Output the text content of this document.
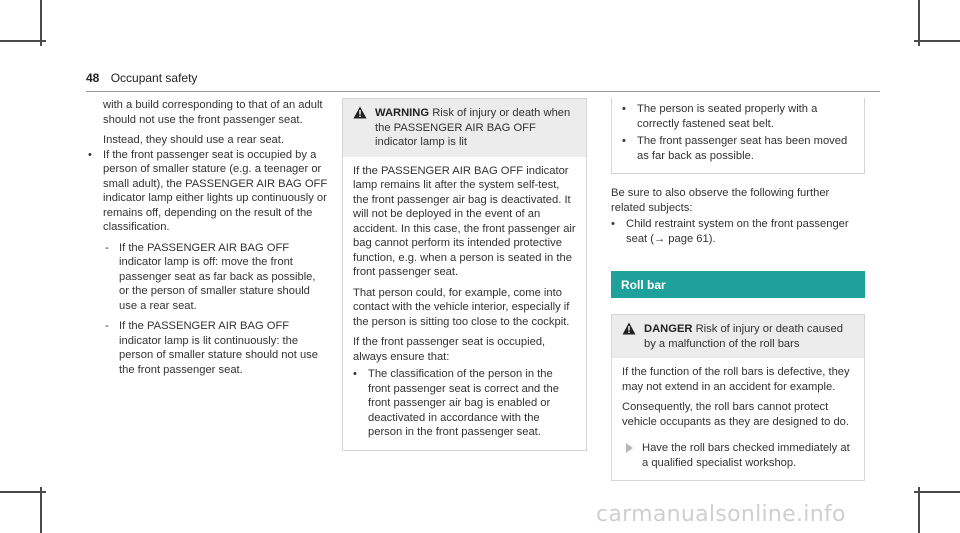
48 Occupant safety

with a build corresponding to that of an adult should not use the front passenger seat.

Instead, they should use a rear seat.

• If the front passenger seat is occupied by a person of smaller stature (e.g. a teenager or small adult), the PASSENGER AIR BAG OFF indicator lamp either lights up continuously or remains off, depending on the result of the classification.
- If the PASSENGER AIR BAG OFF indicator lamp is off: move the front passenger seat as far back as possible, or the person of smaller stature should use a rear seat.
- If the PASSENGER AIR BAG OFF indicator lamp is lit continuously: the person of smaller stature should not use the front passenger seat.
WARNING Risk of injury or death when the PASSENGER AIR BAG OFF indicator lamp is lit

If the PASSENGER AIR BAG OFF indicator lamp remains lit after the system self-test, the front passenger air bag is deactivated. It will not be deployed in the event of an accident. In this case, the front passenger air bag cannot perform its intended protective function, e.g. when a person is seated in the front passenger seat.

That person could, for example, come into contact with the vehicle interior, especially if the person is sitting too close to the cockpit.

If the front passenger seat is occupied, always ensure that:

• The classification of the person in the front passenger seat is correct and the front passenger air bag is enabled or deactivated in accordance with the person in the front passenger seat.
• The person is seated properly with a correctly fastened seat belt.
• The front passenger seat has been moved as far back as possible.

Be sure to also observe the following further related subjects:

• Child restraint system on the front passenger seat (→ page 61).
Roll bar
DANGER Risk of injury or death caused by a malfunction of the roll bars

If the function of the roll bars is defective, they may not extend in an accident for example.

Consequently, the roll bars cannot protect vehicle occupants as they are designed to do.

Have the roll bars checked immediately at a qualified specialist workshop.
carmanualsonline.info
